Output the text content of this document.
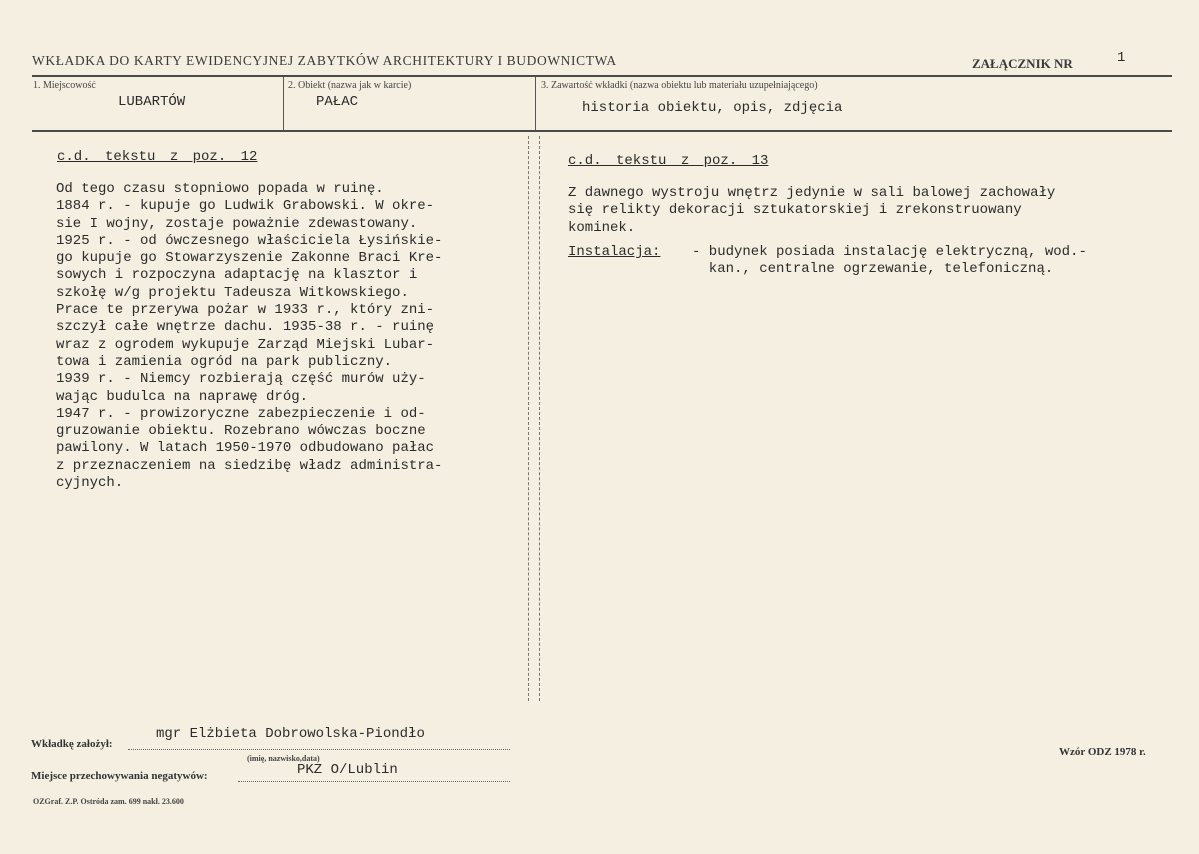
WKŁADKA DO KARTY EWIDENCYJNEJ ZABYTKÓW ARCHITEKTURY I BUDOWNICTWA	ZAŁĄCZNIK NR	1
1. Miejscowość
LUBARTÓW
2. Obiekt (nazwa jak w karcie)
PAŁAC
3. Zawartość wkładki (nazwa obiektu lub materiału uzupełniającego)
historia obiektu, opis, zdjęcia
c.d. tekstu z poz. 12
Od tego czasu stopniowo popada w ruinę.
1884 r. - kupuje go Ludwik Grabowski. W okre-
sie I wojny, zostaje poważnie zdewastowany.
1925 r. - od ówczesnego właściciela Łysińskie-
go kupuje go Stowarzyszenie Zakonne Braci Kre-
sowych i rozpoczyna adaptację na klasztor i
szkołę w/g projektu Tadeusza Witkowskiego.
Prace te przerywa pożar w 1933 r., który zni-
szczył całe wnętrze dachu. 1935-38 r. - ruinę
wraz z ogrodem wykupuje Zarząd Miejski Lubar-
towa i zamienia ogród na park publiczny.
1939 r. - Niemcy rozbierają część murów uży-
wając budulca na naprawę dróg.
1947 r. - prowizoryczne zabezpieczenie i od-
gruzowanie obiektu. Rozebrano wówczas boczne
pawilony. W latach 1950-1970 odbudowano pałac
z przeznaczeniem na siedzibę władz administra-
cyjnych.
c.d. tekstu z poz. 13
Z dawnego wystroju wnętrz jedynie w sali balowej zachowały
się relikty dekoracji sztukatorskiej i zrekonstruowany
kominek.
Instalacja: - budynek posiada instalację elektryczną, wod.-
kan., centralne ogrzewanie, telefoniczną.
Wkładkę założył:
mgr Elżbieta Dobrowolska-Piondło
(imię, nazwisko,data)
Miejsce przechowywania negatywów:	PKZ O/Lublin
Wzór ODZ 1978 r.
OZGraf. Z.P. Ostróda zam. 699 nakł. 23.600
